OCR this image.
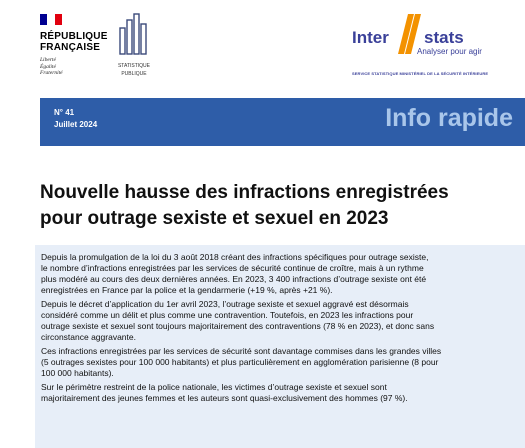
RÉPUBLIQUE
FRANÇAISE
Liberté
Égalité
Fraternité
STATISTIQUE
PUBLIQUE
Inter stats
Analyser pour agir
SERVICE STATISTIQUE MINISTÉRIEL DE LA SÉCURITÉ INTÉRIEURE
N° 41
Juillet 2024	Info rapide
Nouvelle hausse des infractions enregistrées
pour outrage sexiste et sexuel en 2023

Depuis la promulgation de la loi du 3 août 2018 créant des infractions spécifiques pour outrage sexiste,
le nombre d’infractions enregistrées par les services de sécurité continue de croître, mais à un rythme
plus modéré au cours des deux dernières années. En 2023, 3 400 infractions d’outrage sexiste ont été
enregistrées en France par la police et la gendarmerie (+19 %, après +21 %).

Depuis le décret d’application du 1er avril 2023, l’outrage sexiste et sexuel aggravé est désormais
considéré comme un délit et plus comme une contravention. Toutefois, en 2023 les infractions pour
outrage sexiste et sexuel sont toujours majoritairement des contraventions (78 % en 2023), et donc sans
circonstance aggravante.

Ces infractions enregistrées par les services de sécurité sont davantage commises dans les grandes villes
(5 outrages sexistes pour 100 000 habitants) et plus particulièrement en agglomération parisienne (8 pour
100 000 habitants).

Sur le périmètre restreint de la police nationale, les victimes d’outrage sexiste et sexuel sont
majoritairement des jeunes femmes et les auteurs sont quasi-exclusivement des hommes (97 %).
